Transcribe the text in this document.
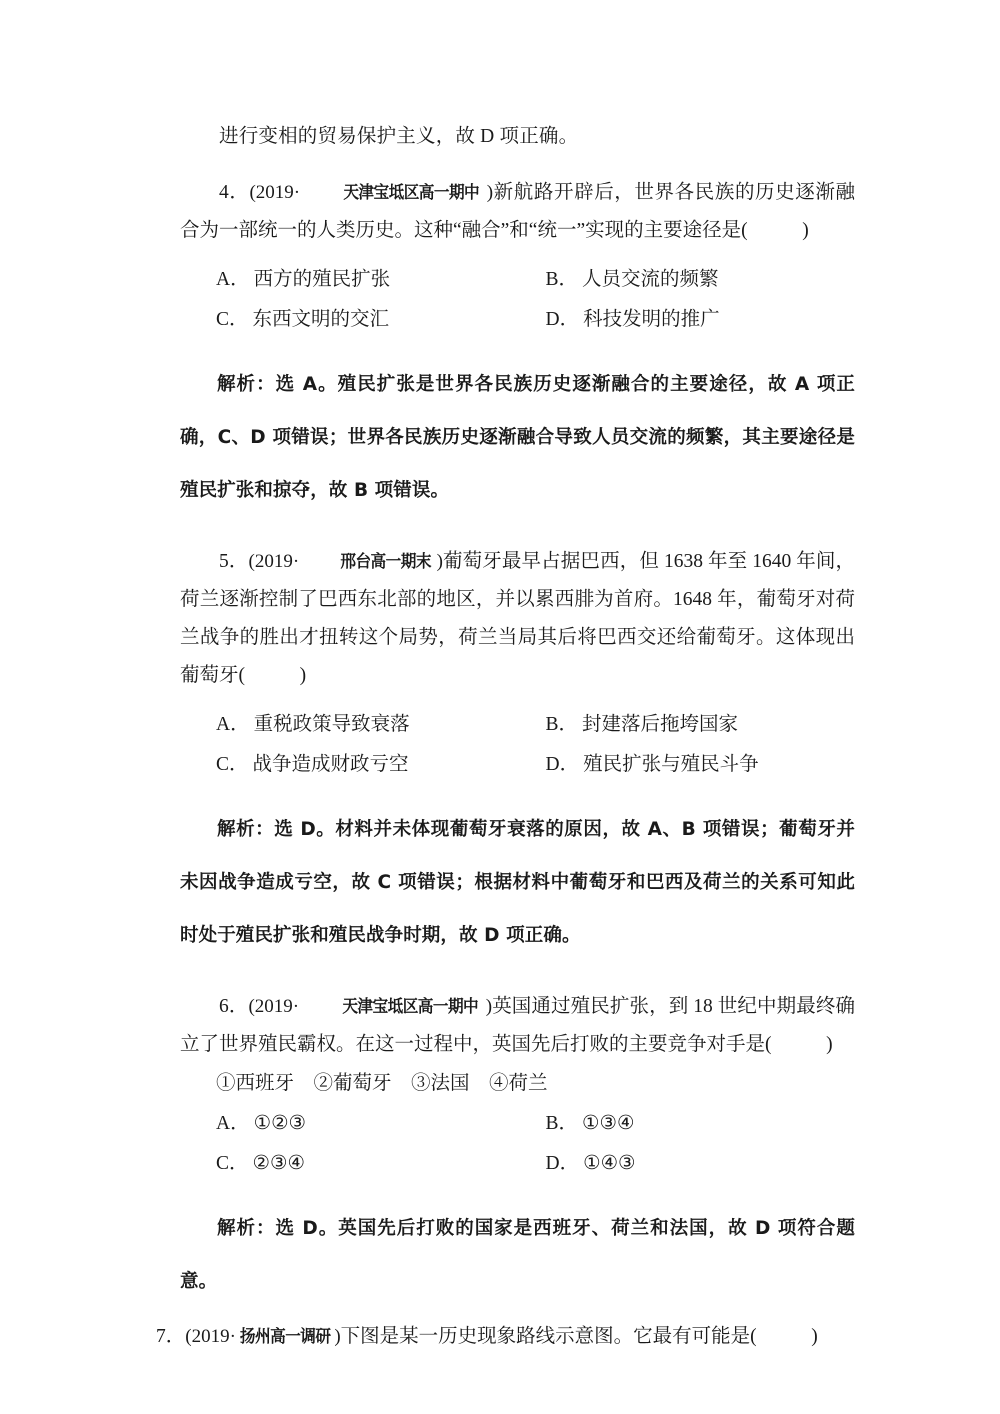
进行变相的贸易保护主义，故 D 项正确。

4．(2019·	天津宝坻区高一期中 )新航路开辟后，世界各民族的历史逐渐融合为一部统一的人类历史。这种“融合”和“统一”实现的主要途径是(　　	)

A． 西方的殖民扩张	B． 人员交流的频繁
C． 东西文明的交汇	D． 科技发明的推广

解析：选 A。殖民扩张是世界各民族历史逐渐融合的主要途径，故 A 项正确，C、D 项错误；世界各民族历史逐渐融合导致人员交流的频繁，其主要途径是殖民扩张和掠夺，故 B 项错误。

5．(2019· 邢台高一期末 )葡萄牙最早占据巴西，但 1638 年至 1640 年间，荷兰逐渐控制了巴西东北部的地区，并以累西腓为首府。1648 年，葡萄牙对荷兰战争的胜出才扭转这个局势，荷兰当局其后将巴西交还给葡萄牙。这体现出葡萄牙(　　	)

A． 重税政策导致衰落	B． 封建落后拖垮国家
C． 战争造成财政亏空	D． 殖民扩张与殖民斗争

解析：选 D。材料并未体现葡萄牙衰落的原因，故 A、B 项错误；葡萄牙并未因战争造成亏空，故 C 项错误；根据材料中葡萄牙和巴西及荷兰的关系可知此时处于殖民扩张和殖民战争时期，故 D 项正确。

6．(2019·	天津宝坻区高一期中 )英国通过殖民扩张，到 18 世纪中期最终确立了世界殖民霸权。在这一过程中，英国先后打败的主要竞争对手是(　　	)

①西班牙　②葡萄牙　③法国　④荷兰
A． ①②③	B． ①③④
C． ②③④	D． ①④③

解析：选 D。英国先后打败的国家是西班牙、荷兰和法国，故 D 项符合题意。

7．(2019· 扬州高一调研 )下图是某一历史现象路线示意图。它最有可能是(　　	)
